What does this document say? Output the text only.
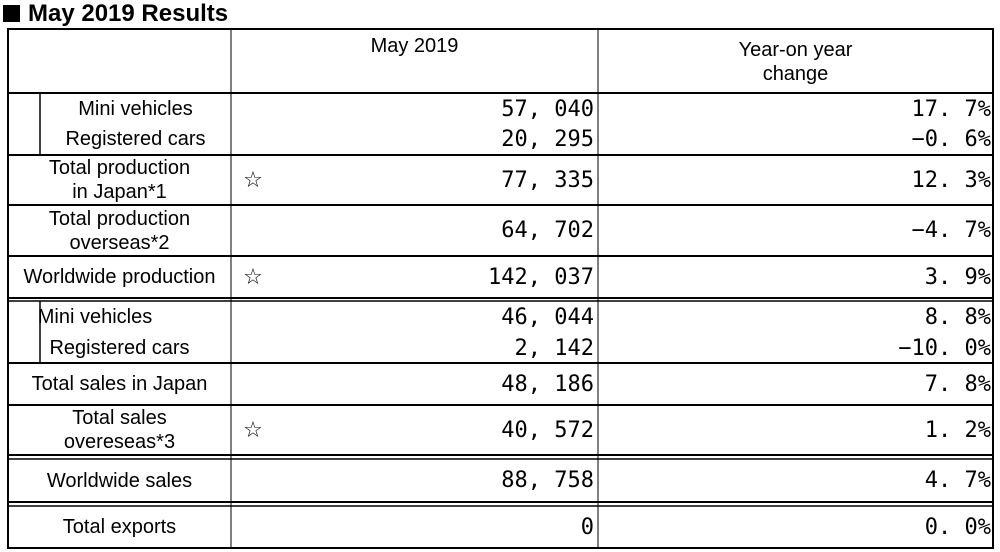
May 2019 Results
May 2019	Year-on year
change
Mini vehicles	57, 040	17. 7%
Registered cars	20, 295	−0. 6%
Total production
in Japan*1	☆	77, 335	12. 3%
Total production
overseas*2	64, 702	−4. 7%
Worldwide production	☆	142, 037	3. 9%
Mini vehicles	46, 044	8. 8%
Registered cars	2, 142	−10. 0%
Total sales in Japan	48, 186	7. 8%
Total sales
overeseas*3	☆	40, 572	1. 2%
Worldwide sales	88, 758	4. 7%
Total exports	0	0. 0%
